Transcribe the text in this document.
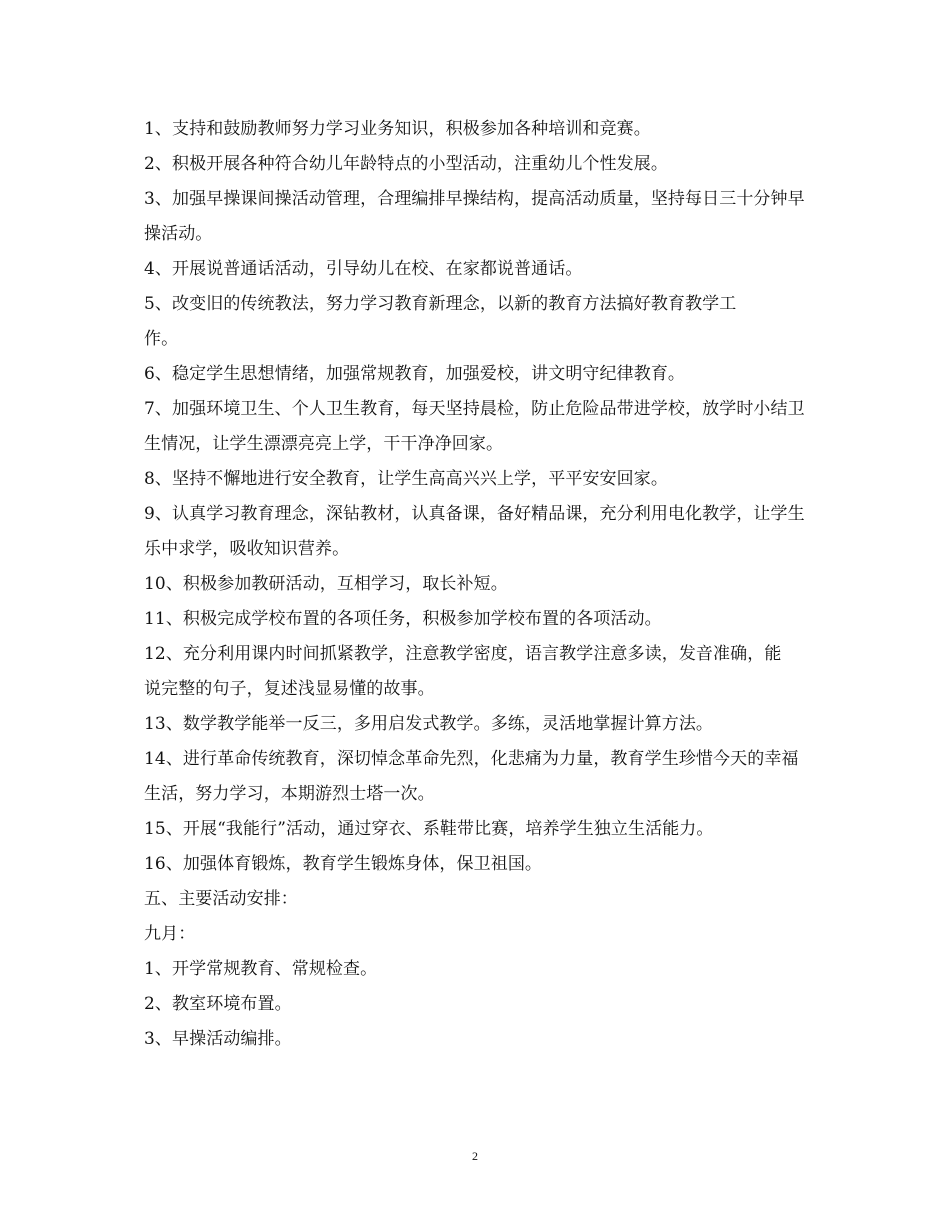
1、支持和鼓励教师努力学习业务知识，积极参加各种培训和竞赛。

2、积极开展各种符合幼儿年龄特点的小型活动，注重幼儿个性发展。

3、加强早操课间操活动管理，合理编排早操结构，提高活动质量，坚持每日三十分钟早操活动。

4、开展说普通话活动，引导幼儿在校、在家都说普通话。

5、改变旧的传统教法，努力学习教育新理念，以新的教育方法搞好教育教学工作。

6、稳定学生思想情绪，加强常规教育，加强爱校，讲文明守纪律教育。

7、加强环境卫生、个人卫生教育，每天坚持晨检，防止危险品带进学校，放学时小结卫生情况，让学生漂漂亮亮上学，干干净净回家。

8、坚持不懈地进行安全教育，让学生高高兴兴上学，平平安安回家。

9、认真学习教育理念，深钻教材，认真备课，备好精品课，充分利用电化教学，让学生乐中求学，吸收知识营养。

10、积极参加教研活动，互相学习，取长补短。

11、积极完成学校布置的各项任务，积极参加学校布置的各项活动。

12、充分利用课内时间抓紧教学，注意教学密度，语言教学注意多读，发音准确，能说完整的句子，复述浅显易懂的故事。

13、数学教学能举一反三，多用启发式教学。多练，灵活地掌握计算方法。

14、进行革命传统教育，深切悼念革命先烈，化悲痛为力量，教育学生珍惜今天的幸福生活，努力学习，本期游烈士塔一次。

15、开展“我能行”活动，通过穿衣、系鞋带比赛，培养学生独立生活能力。

16、加强体育锻炼，教育学生锻炼身体，保卫祖国。

五、主要活动安排：

九月：

1、开学常规教育、常规检查。

2、教室环境布置。

3、早操活动编排。

2
